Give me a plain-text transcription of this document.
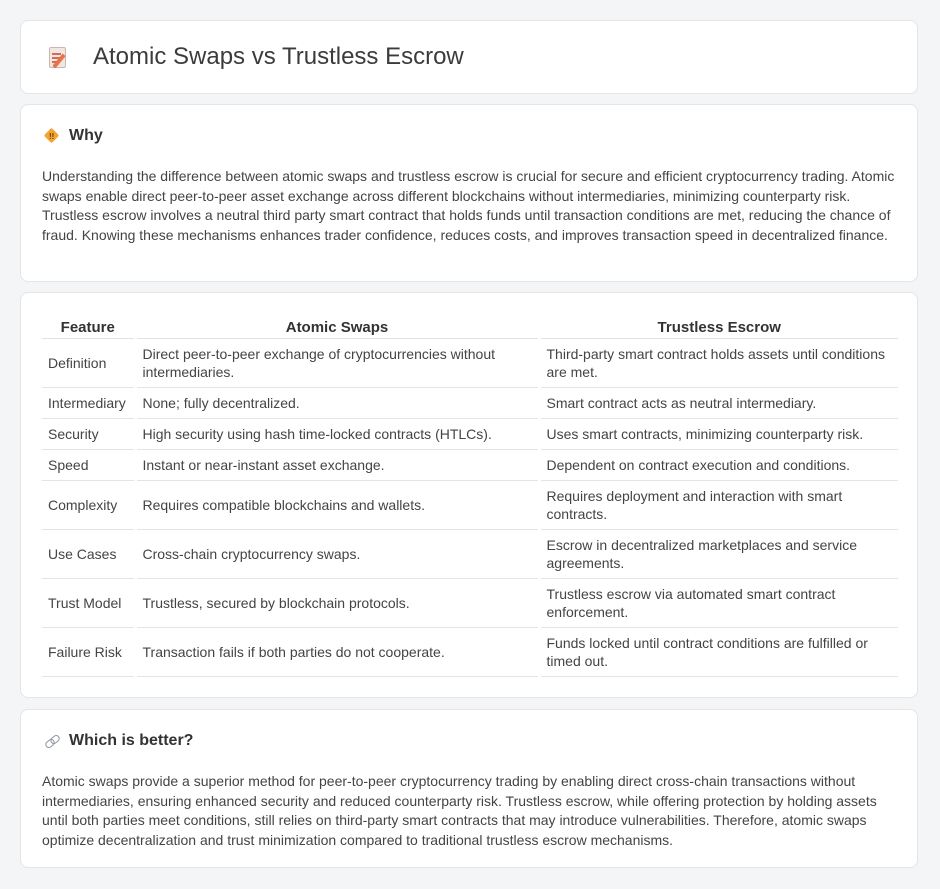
Atomic Swaps vs Trustless Escrow
!! Why

Understanding the difference between atomic swaps and trustless escrow is crucial for secure and efficient cryptocurrency trading. Atomic swaps enable direct peer-to-peer asset exchange across different blockchains without intermediaries, minimizing counterparty risk. Trustless escrow involves a neutral third party smart contract that holds funds until transaction conditions are met, reducing the chance of fraud. Knowing these mechanisms enhances trader confidence, reduces costs, and improves transaction speed in decentralized finance.

Feature	Atomic Swaps	Trustless Escrow
Definition	Direct peer-to-peer exchange of cryptocurrencies without intermediaries.	Third-party smart contract holds assets until conditions are met.
Intermediary	None; fully decentralized.	Smart contract acts as neutral intermediary.
Security	High security using hash time-locked contracts (HTLCs).	Uses smart contracts, minimizing counterparty risk.
Speed	Instant or near-instant asset exchange.	Dependent on contract execution and conditions.
Complexity	Requires compatible blockchains and wallets.	Requires deployment and interaction with smart contracts.
Use Cases	Cross-chain cryptocurrency swaps.	Escrow in decentralized marketplaces and service agreements.
Trust Model	Trustless, secured by blockchain protocols.	Trustless escrow via automated smart contract enforcement.
Failure Risk	Transaction fails if both parties do not cooperate.	Funds locked until contract conditions are fulfilled or timed out.
Which is better?

Atomic swaps provide a superior method for peer-to-peer cryptocurrency trading by enabling direct cross-chain transactions without intermediaries, ensuring enhanced security and reduced counterparty risk. Trustless escrow, while offering protection by holding assets until both parties meet conditions, still relies on third-party smart contracts that may introduce vulnerabilities. Therefore, atomic swaps optimize decentralization and trust minimization compared to traditional trustless escrow mechanisms.
